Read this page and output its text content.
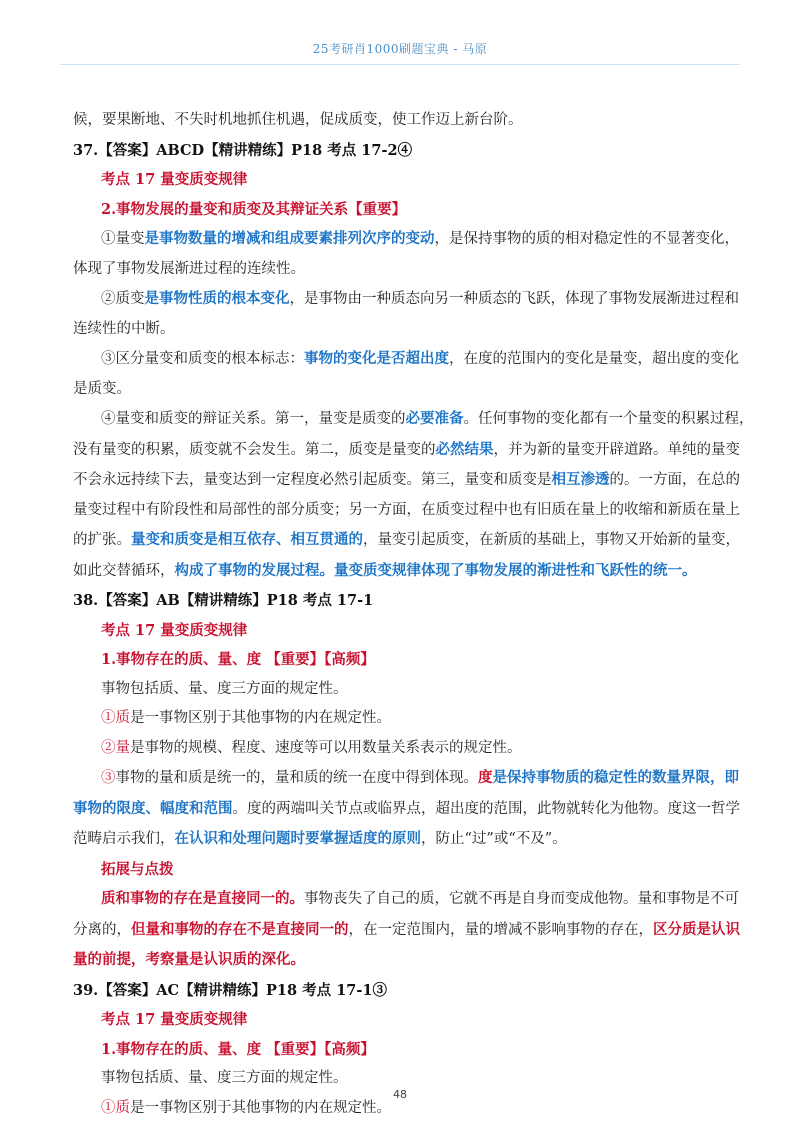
25考研肖1000刷题宝典 - 马原
候，要果断地、不失时机地抓住机遇，促成质变，使工作迈上新台阶。
37.【答案】ABCD【精讲精练】P18 考点 17-2④
考点 17 量变质变规律
2.事物发展的量变和质变及其辩证关系【重要】
①量变是事物数量的增减和组成要素排列次序的变动，是保持事物的质的相对稳定性的不显著变化，
体现了事物发展渐进过程的连续性。
②质变是事物性质的根本变化，是事物由一种质态向另一种质态的飞跃，体现了事物发展渐进过程和
连续性的中断。
③区分量变和质变的根本标志：事物的变化是否超出度，在度的范围内的变化是量变，超出度的变化
是质变。
④量变和质变的辩证关系。第一，量变是质变的必要准备。任何事物的变化都有一个量变的积累过程，
没有量变的积累，质变就不会发生。第二，质变是量变的必然结果，并为新的量变开辟道路。单纯的量变
不会永远持续下去，量变达到一定程度必然引起质变。第三，量变和质变是相互渗透的。一方面，在总的
量变过程中有阶段性和局部性的部分质变；另一方面，在质变过程中也有旧质在量上的收缩和新质在量上
的扩张。量变和质变是相互依存、相互贯通的，量变引起质变，在新质的基础上，事物又开始新的量变，
如此交替循环，构成了事物的发展过程。量变质变规律体现了事物发展的渐进性和飞跃性的统一。
38.【答案】AB【精讲精练】P18 考点 17-1
考点 17 量变质变规律
1.事物存在的质、量、度 【重要】【高频】
事物包括质、量、度三方面的规定性。
①质是一事物区别于其他事物的内在规定性。
②量是事物的规模、程度、速度等可以用数量关系表示的规定性。
③事物的量和质是统一的，量和质的统一在度中得到体现。度是保持事物质的稳定性的数量界限，即
事物的限度、幅度和范围。度的两端叫关节点或临界点，超出度的范围，此物就转化为他物。度这一哲学
范畴启示我们，在认识和处理问题时要掌握适度的原则，防止“过”或“不及”。
拓展与点拨
质和事物的存在是直接同一的。事物丧失了自己的质，它就不再是自身而变成他物。量和事物是不可
分离的，但量和事物的存在不是直接同一的，在一定范围内，量的增减不影响事物的存在，区分质是认识
量的前提，考察量是认识质的深化。
39.【答案】AC【精讲精练】P18 考点 17-1③
考点 17 量变质变规律
1.事物存在的质、量、度 【重要】【高频】
事物包括质、量、度三方面的规定性。
①质是一事物区别于其他事物的内在规定性。
48
